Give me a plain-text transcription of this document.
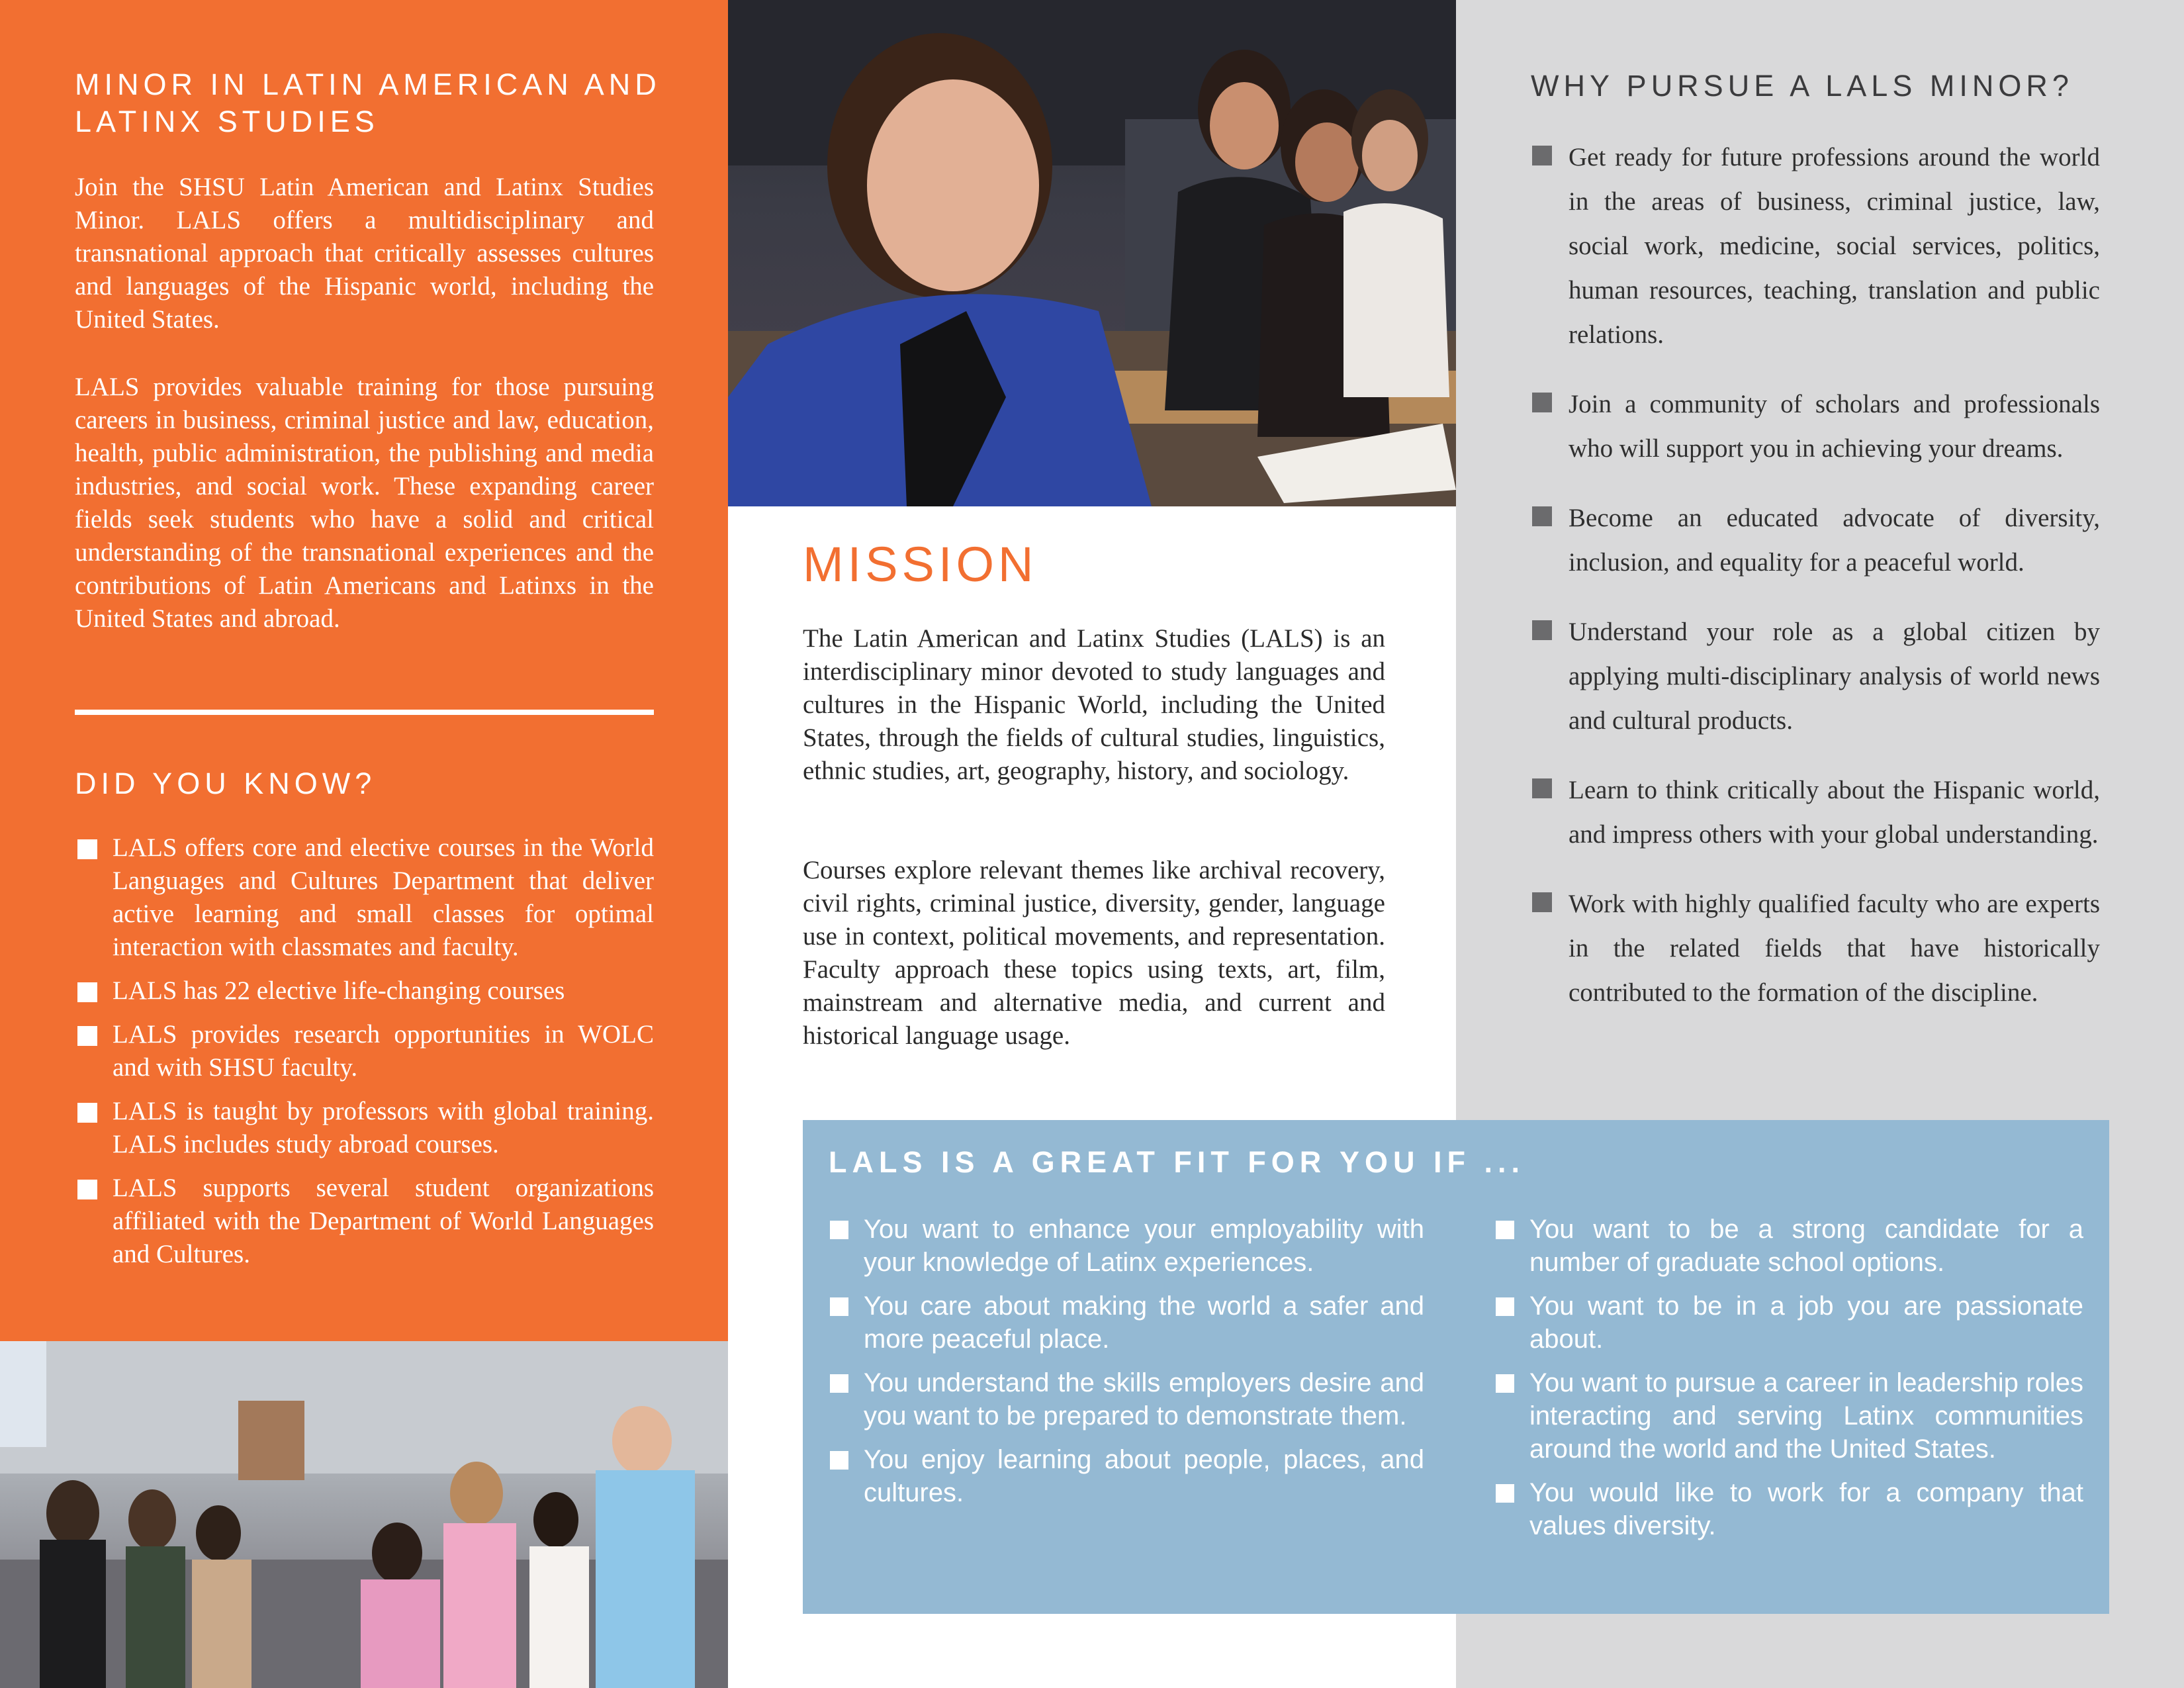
MINOR IN LATIN AMERICAN AND
LATINX STUDIES

Join the SHSU Latin American and Latinx Studies Minor. LALS offers a multidisciplinary and transnational approach that critically assesses cultures and languages of the Hispanic world, including the United States.

LALS provides valuable training for those pursuing careers in business, criminal justice and law, education, health, public administration, the publishing and media industries, and social work. These expanding career fields seek students who have a solid and critical understanding of the transnational experiences and the contributions of Latin Americans and Latinxs in the United States and abroad.

DID YOU KNOW?
LALS offers core and elective courses in the World Languages and Cultures Department that deliver active learning and small classes for optimal interaction with classmates and faculty.
LALS has 22 elective life-changing courses
LALS provides research opportunities in WOLC and with SHSU faculty.
LALS is taught by professors with global training. LALS includes study abroad courses.
LALS supports several student organizations affiliated with the Department of World Languages and Cultures.
MISSION

The Latin American and Latinx Studies (LALS) is an interdisciplinary minor devoted to study languages and cultures in the Hispanic World, including the United States, through the fields of cultural studies, linguistics, ethnic studies, art, geography, history, and sociology.

Courses explore relevant themes like archival recovery, civil rights, criminal justice, diversity, gender, language use in context, political movements, and representation. Faculty approach these topics using texts, art, film, mainstream and alternative media, and current and historical language usage.

WHY PURSUE A LALS MINOR?
Get ready for future professions around the world in the areas of business, criminal justice, law, social work, medicine, social services, politics, human resources, teaching, translation and public relations.
Join a community of scholars and professionals who will support you in achieving your dreams.
Become an educated advocate of diversity, inclusion, and equality for a peaceful world.
Understand your role as a global citizen by applying multi-disciplinary analysis of world news and cultural products.
Learn to think critically about the Hispanic world, and impress others with your global understanding.
Work with highly qualified faculty who are experts in the related fields that have historically contributed to the formation of the discipline.
LALS IS A GREAT FIT FOR YOU IF ...
You want to enhance your employability with your knowledge of Latinx experiences.
You care about making the world a safer and more peaceful place.
You understand the skills employers desire and you want to be prepared to demonstrate them.
You enjoy learning about people, places, and cultures.
You want to be a strong candidate for a number of graduate school options.
You want to be in a job you are passionate about.
You want to pursue a career in leadership roles interacting and serving Latinx communities around the world and the United States.
You would like to work for a company that values diversity.
